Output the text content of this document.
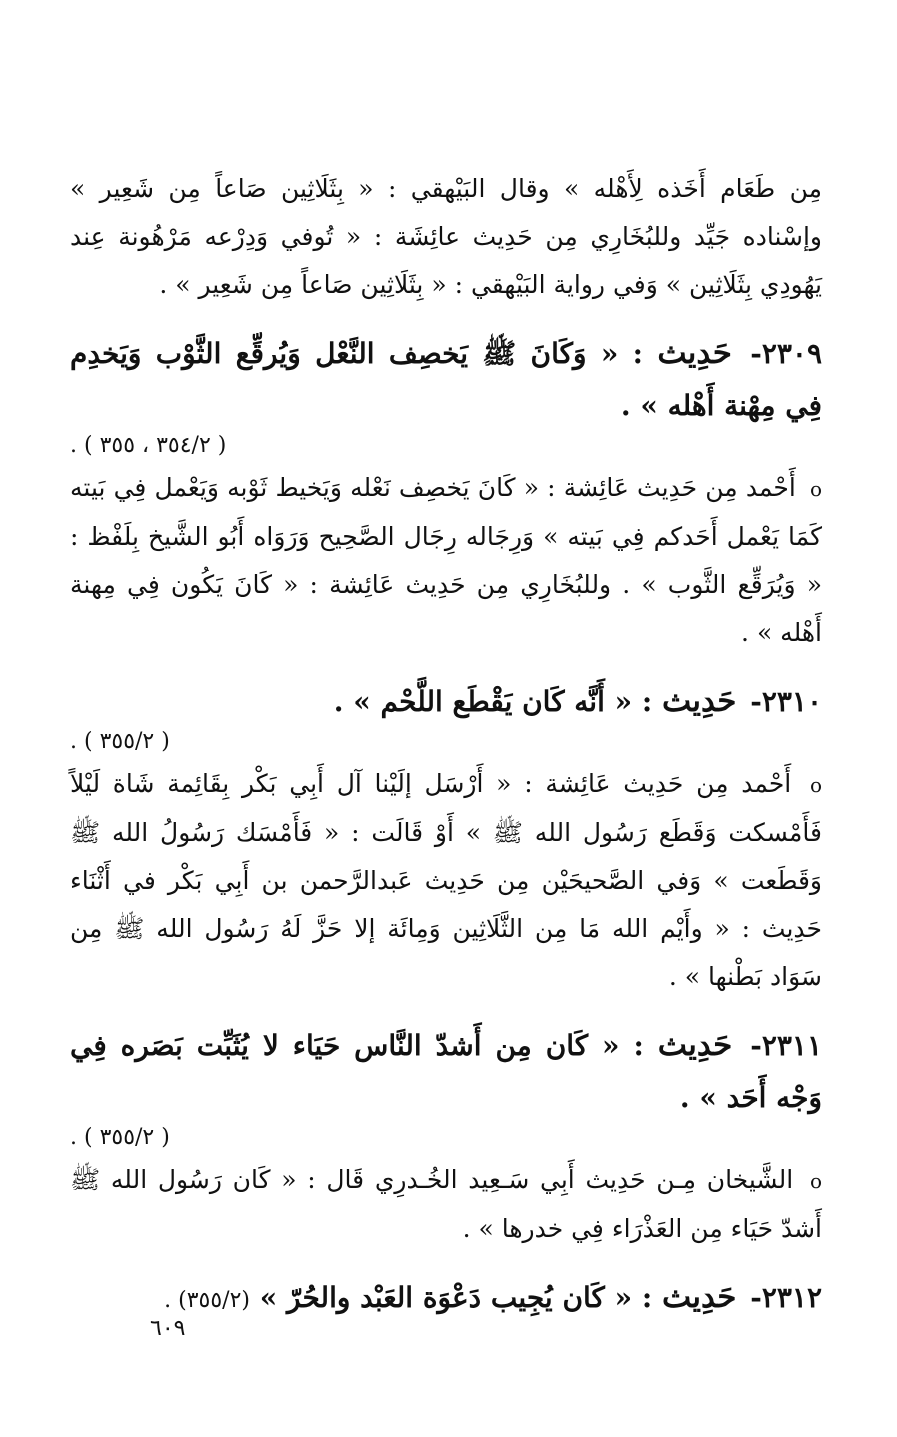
مِن طَعَام أَخَذه لِأَهْله » وقال البَيْهقي : « بِثَلَاثِين صَاعاً مِن شَعِير » وإسْناده جَيِّد وللبُخَارِي مِن حَدِيث عائِشَة : « تُوفي وَدِرْعه مَرْهُونة عِند يَهُودِي بِثَلَاثِين » وَفي رواية البَيْهقي : « بِثَلَاثِين صَاعاً مِن شَعِير » .

٢٣٠٩- حَدِيث : « وَكَانَ ﷺ يَخصِف النَّعْل وَيُرقِّع الثَّوْب وَيَخدِم فِي مِهْنة أَهْله » .
( ٣٥٤/٢ ، ٣٥٥ ) .

o أَحْمد مِن حَدِيث عَائِشة : « كَانَ يَخصِف نَعْله وَيَخيط ثَوْبه وَيَعْمل فِي بَيته كَمَا يَعْمل أَحَدكم فِي بَيته » وَرِجَاله رِجَال الصَّحِيح وَرَوَاه أَبُو الشَّيخ بِلَفْظ : « وَيُرَقِّع الثَّوب » . وللبُخَارِي مِن حَدِيث عَائِشة : « كَانَ يَكُون فِي مِهنة أَهْله » .

٢٣١٠- حَدِيث : « أَنَّه كَان يَقْطَع اللَّحْم » .
( ٣٥٥/٢ ) .

o أَحْمد مِن حَدِيث عَائِشة : « أَرْسَل إلَيْنا آل أَبِي بَكْر بِقَائِمة شَاة لَيْلاً فَأَمْسكت وَقَطَع رَسُول الله ﷺ » أَوْ قَالَت : « فَأَمْسَك رَسُولُ الله ﷺ وَقَطَعت » وَفي الصَّحيحَيْن مِن حَدِيث عَبدالرَّحمن بن أَبِي بَكْر في أَثْنَاء حَدِيث : « وأَيْم الله مَا مِن الثَّلَاثِين وَمِائَة إلا حَزَّ لَهُ رَسُول الله ﷺ مِن سَوَاد بَطْنها » .

٢٣١١- حَدِيث : « كَان مِن أَشدّ النَّاس حَيَاء لا يُثَبِّت بَصَره فِي وَجْه أَحَد » .
( ٣٥٥/٢ ) .

o الشَّيخان مِـن حَدِيث أَبِي سَـعِيد الخُـدرِي قَال : « كَان رَسُول الله ﷺ أَشدّ حَيَاء مِن العَذْرَاء فِي خدرها » .

٢٣١٢- حَدِيث : « كَان يُجِيب دَعْوَة العَبْد والحُرّ » (٣٥٥/٢) .

٦٠٩
